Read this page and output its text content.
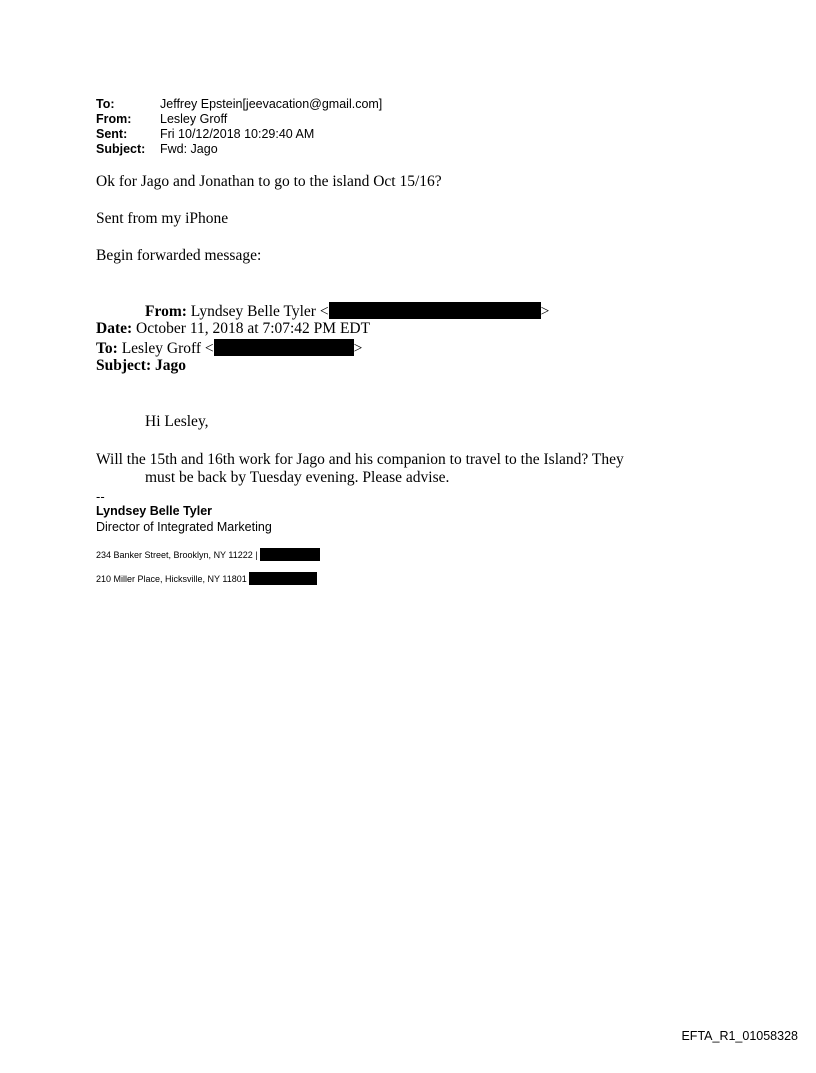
To:	Jeffrey Epstein[jeevacation@gmail.com]
From:	Lesley Groff
Sent:	Fri 10/12/2018 10:29:40 AM
Subject:	Fwd: Jago
Ok for Jago and Jonathan to go to the island Oct 15/16?
Sent from my iPhone
Begin forwarded message:
From: Lyndsey Belle Tyler <	>
Date: October 11, 2018 at 7:07:42 PM EDT
To: Lesley Groff <	>
Subject: Jago
Hi Lesley,
Will the 15th and 16th work for Jago and his companion to travel to the Island? They
must be back by Tuesday evening. Please advise.
--
Lyndsey Belle Tyler
Director of Integrated Marketing
234 Banker Street, Brooklyn, NY 11222 |
210 Miller Place, Hicksville, NY 11801
EFTA_R1_01058328
